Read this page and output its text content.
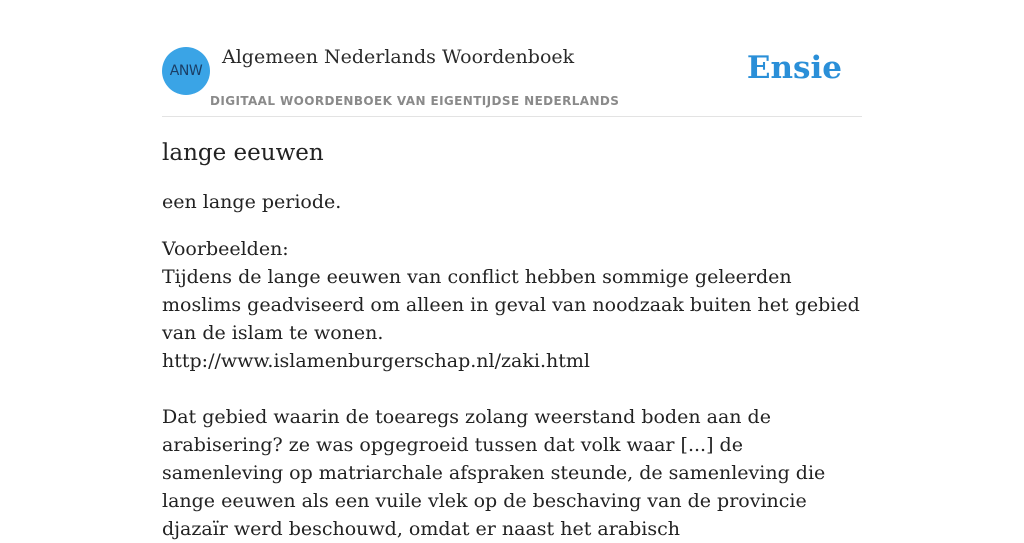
ANW
Algemeen Nederlands Woordenboek
DIGITAAL WOORDENBOEK VAN EIGENTIJDSE NEDERLANDS
Ensie
lange eeuwen

een lange periode.

Voorbeelden:

Tijdens de lange eeuwen van conflict hebben sommige geleerden moslims geadviseerd om alleen in geval van noodzaak buiten het gebied van de islam te wonen.

http://www.islamenburgerschap.nl/zaki.html

Dat gebied waarin de toearegs zolang weerstand boden aan de arabisering? ze was opgegroeid tussen dat volk waar [...] de samenleving op matriarchale afspraken steunde, de samenleving die lange eeuwen als een vuile vlek op de beschaving van de provincie djazaïr werd beschouwd, omdat er naast het arabisch
